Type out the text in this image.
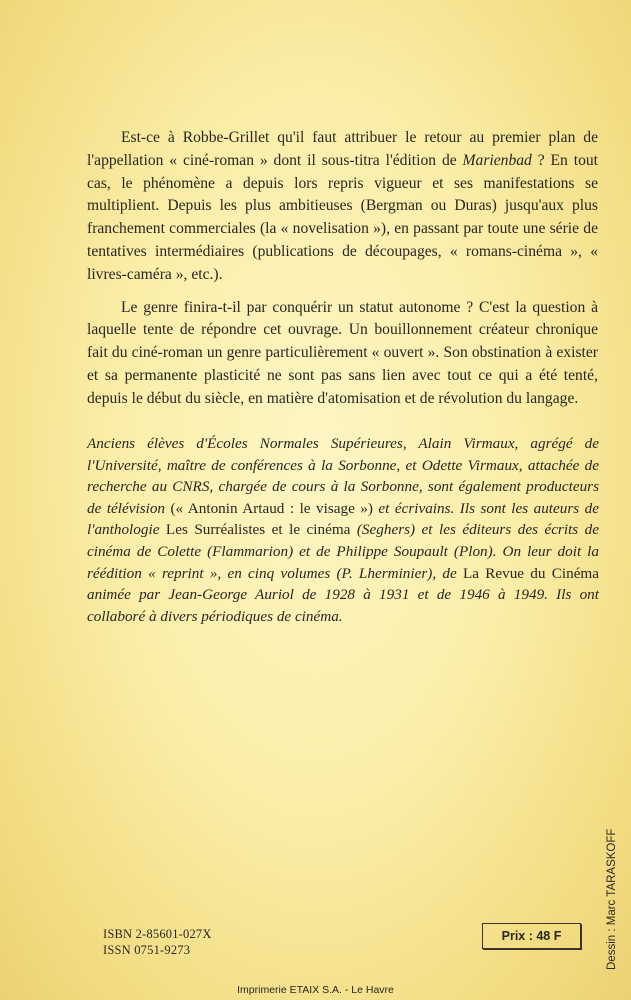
Est-ce à Robbe-Grillet qu'il faut attribuer le retour au premier plan de l'appellation « ciné-roman » dont il sous-titra l'édition de Marienbad ? En tout cas, le phénomène a depuis lors repris vigueur et ses manifestations se multiplient. Depuis les plus ambitieuses (Bergman ou Duras) jusqu'aux plus franchement commerciales (la « novelisation »), en passant par toute une série de tentatives intermédiaires (publications de découpages, « romans-cinéma », « livres-caméra », etc.).

Le genre finira-t-il par conquérir un statut autonome ? C'est la question à laquelle tente de répondre cet ouvrage. Un bouillonnement créateur chronique fait du ciné-roman un genre particulièrement « ouvert ». Son obstination à exister et sa permanente plasticité ne sont pas sans lien avec tout ce qui a été tenté, depuis le début du siècle, en matière d'atomisation et de révolution du langage.

Anciens élèves d'Écoles Normales Supérieures, Alain Virmaux, agrégé de l'Université, maître de conférences à la Sorbonne, et Odette Virmaux, attachée de recherche au CNRS, chargée de cours à la Sorbonne, sont également producteurs de télévision (« Antonin Artaud : le visage ») et écrivains. Ils sont les auteurs de l'anthologie Les Surréalistes et le cinéma (Seghers) et les éditeurs des écrits de cinéma de Colette (Flammarion) et de Philippe Soupault (Plon). On leur doit la réédition « reprint », en cinq volumes (P. Lherminier), de La Revue du Cinéma animée par Jean-George Auriol de 1928 à 1931 et de 1946 à 1949. Ils ont collaboré à divers périodiques de cinéma.

ISBN 2-85601-027X
ISSN 0751-9273
Prix : 48 F	Dessin : Marc TARASKOFF
Imprimerie ETAIX S.A. - Le Havre
